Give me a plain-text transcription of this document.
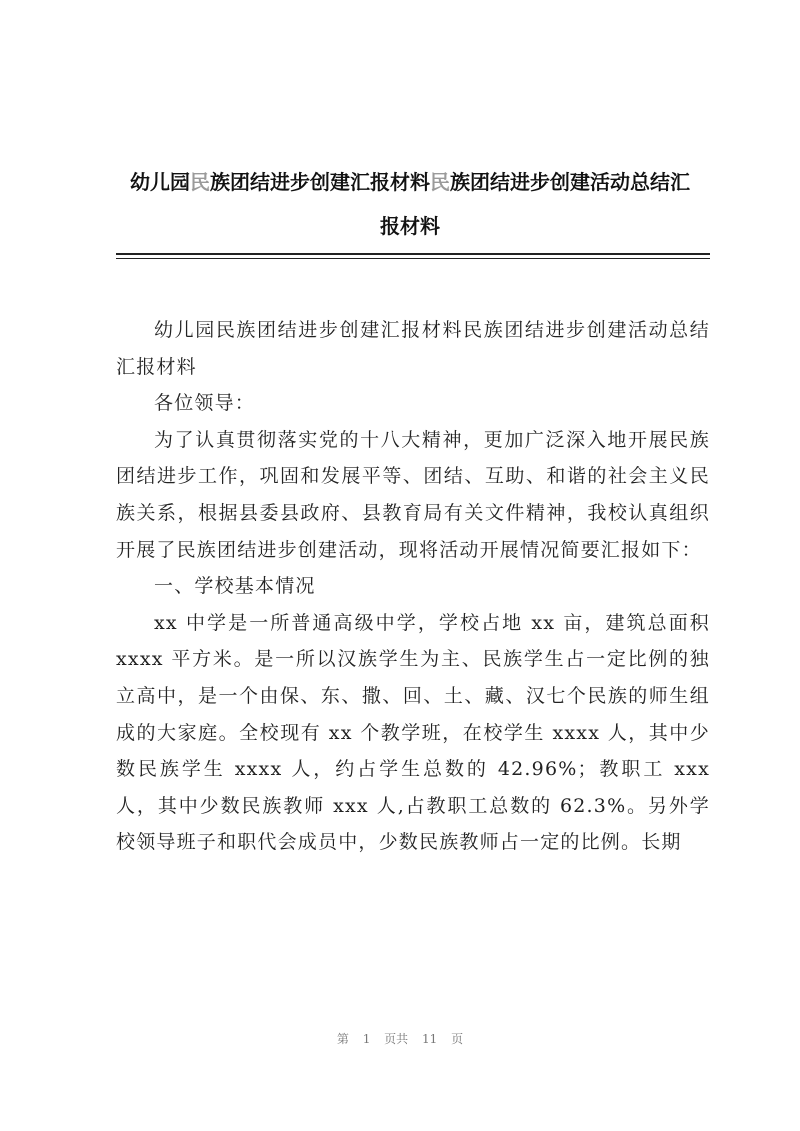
幼儿园民族团结进步创建汇报材料民族团结进步创建活动总结汇
报材料

幼儿园民族团结进步创建汇报材料民族团结进步创建活动总结汇报材料

各位领导：

为了认真贯彻落实党的十八大精神，更加广泛深入地开展民族团结进步工作，巩固和发展平等、团结、互助、和谐的社会主义民族关系，根据县委县政府、县教育局有关文件精神，我校认真组织开展了民族团结进步创建活动，现将活动开展情况简要汇报如下：

一、学校基本情况

xx 中学是一所普通高级中学，学校占地 xx 亩，建筑总面积 xxxx 平方米。是一所以汉族学生为主、民族学生占一定比例的独立高中，是一个由保、东、撒、回、土、藏、汉七个民族的师生组成的大家庭。全校现有 xx 个教学班，在校学生 xxxx 人，其中少数民族学生 xxxx 人，约占学生总数的 42.96%；教职工 xxx 人，其中少数民族教师 xxx 人,占教职工总数的 62.3%。另外学校领导班子和职代会成员中，少数民族教师占一定的比例。长期

第 1 页共 11 页
